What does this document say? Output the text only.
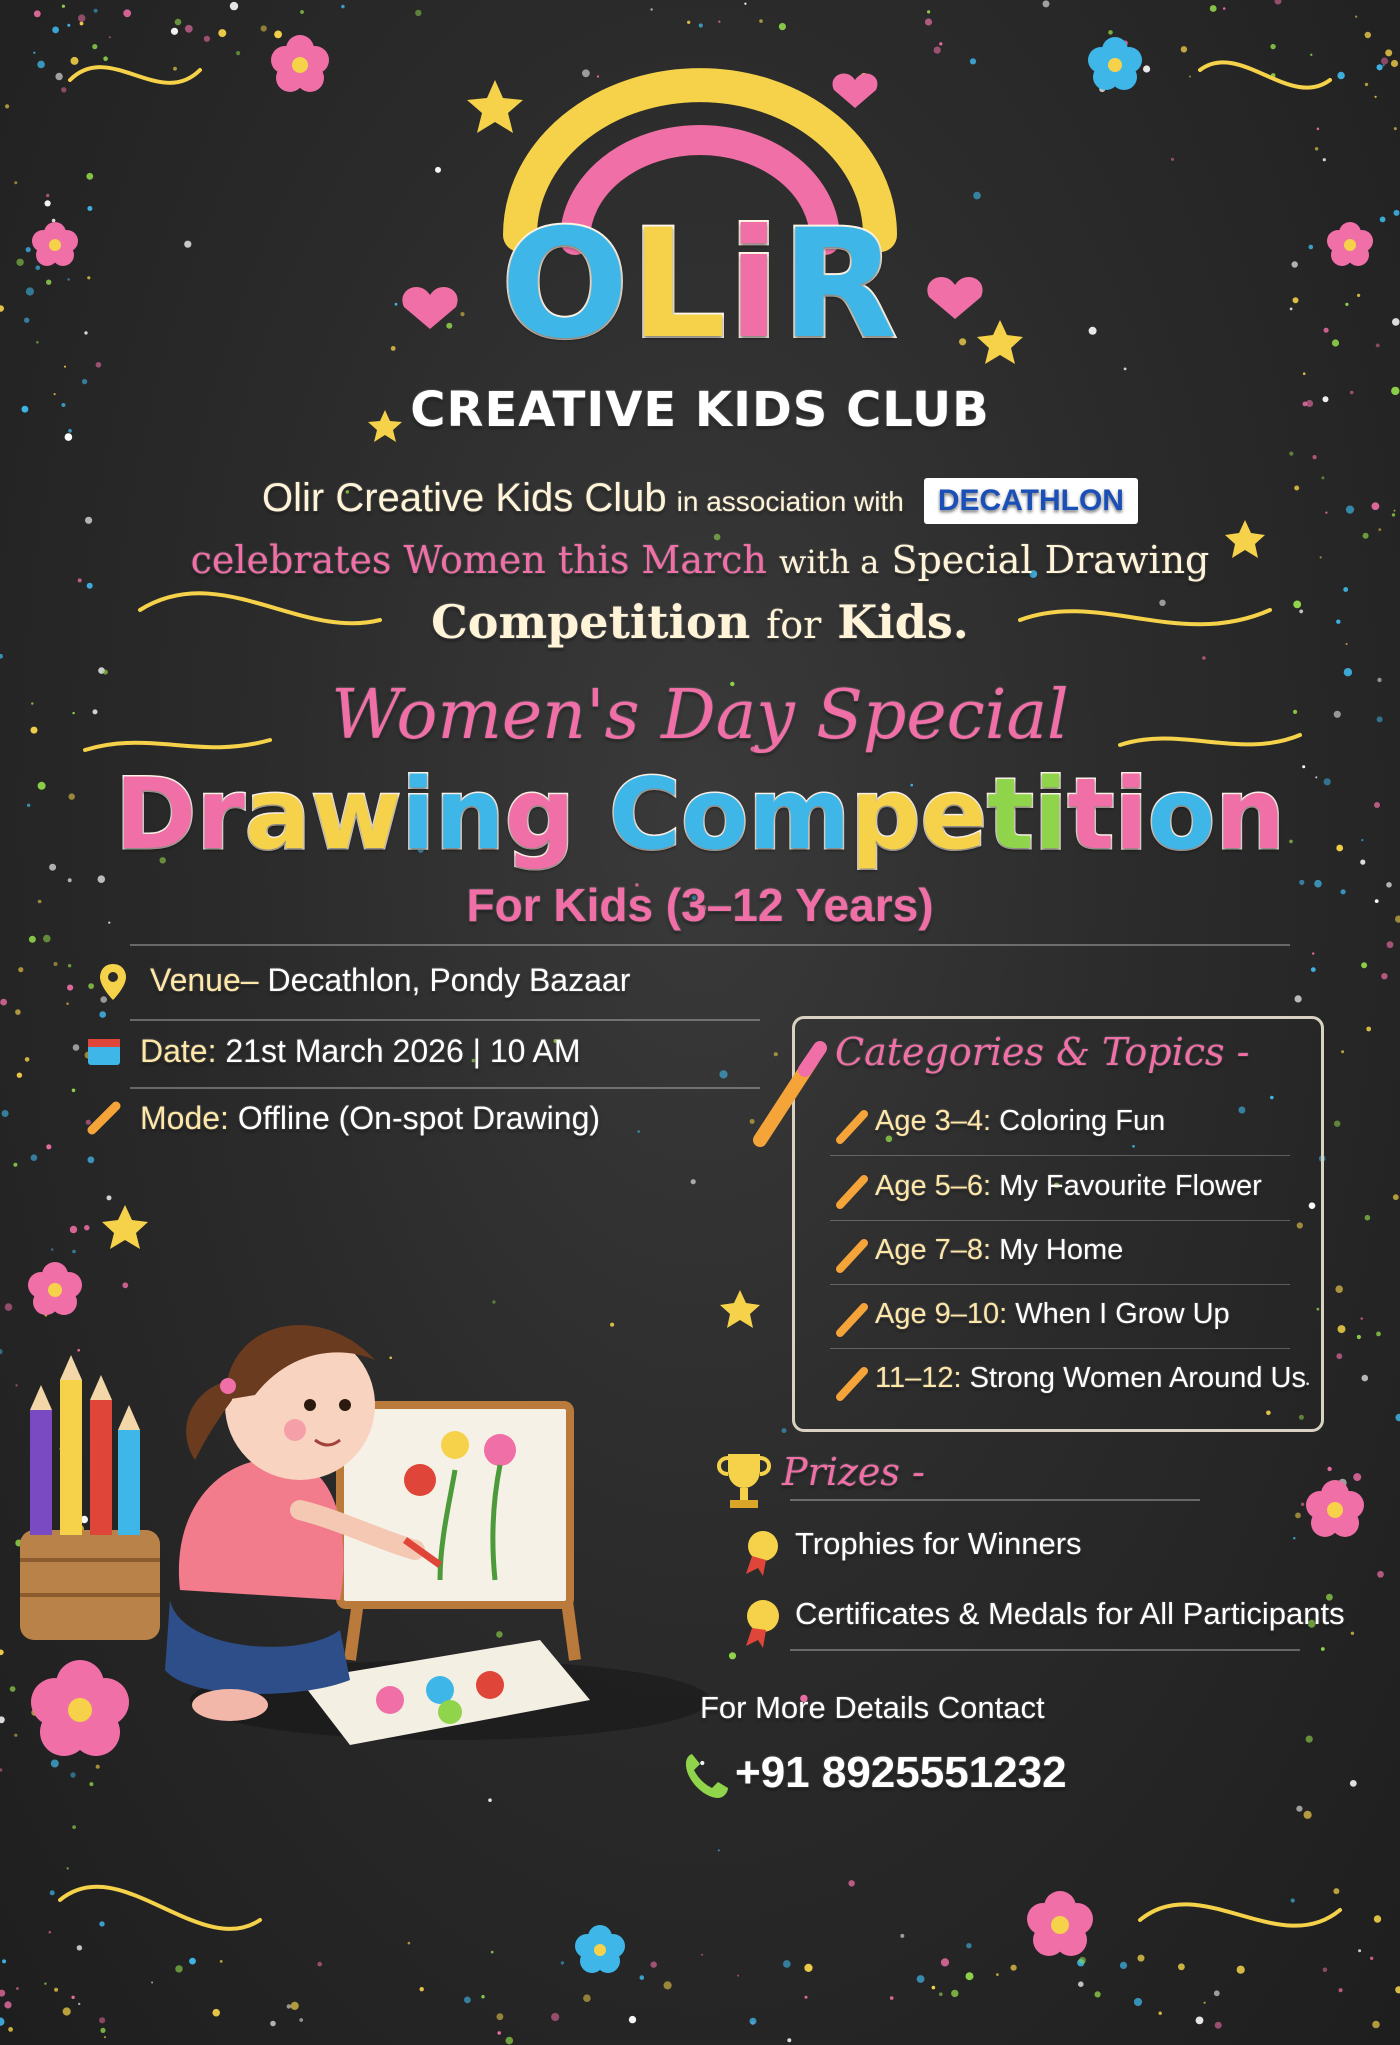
OLiR
CREATIVE KIDS CLUB
Olir Creative Kids Club in association with DECATHLON
celebrates Women this March with a Special Drawing
Competition for Kids.
Women's Day Special
Drawing Competition
For Kids (3–12 Years)
Venue– Decathlon, Pondy Bazaar
Date: 21st March 2026 | 10 AM
Mode: Offline (On-spot Drawing)
Categories & Topics -
Age 3–4: Coloring Fun
Age 5–6: My Favourite Flower
Age 7–8: My Home
Age 9–10: When I Grow Up
11–12: Strong Women Around Us
Prizes -
Trophies for Winners
Certificates & Medals for All Participants
For More Details Contact
+91 8925551232
